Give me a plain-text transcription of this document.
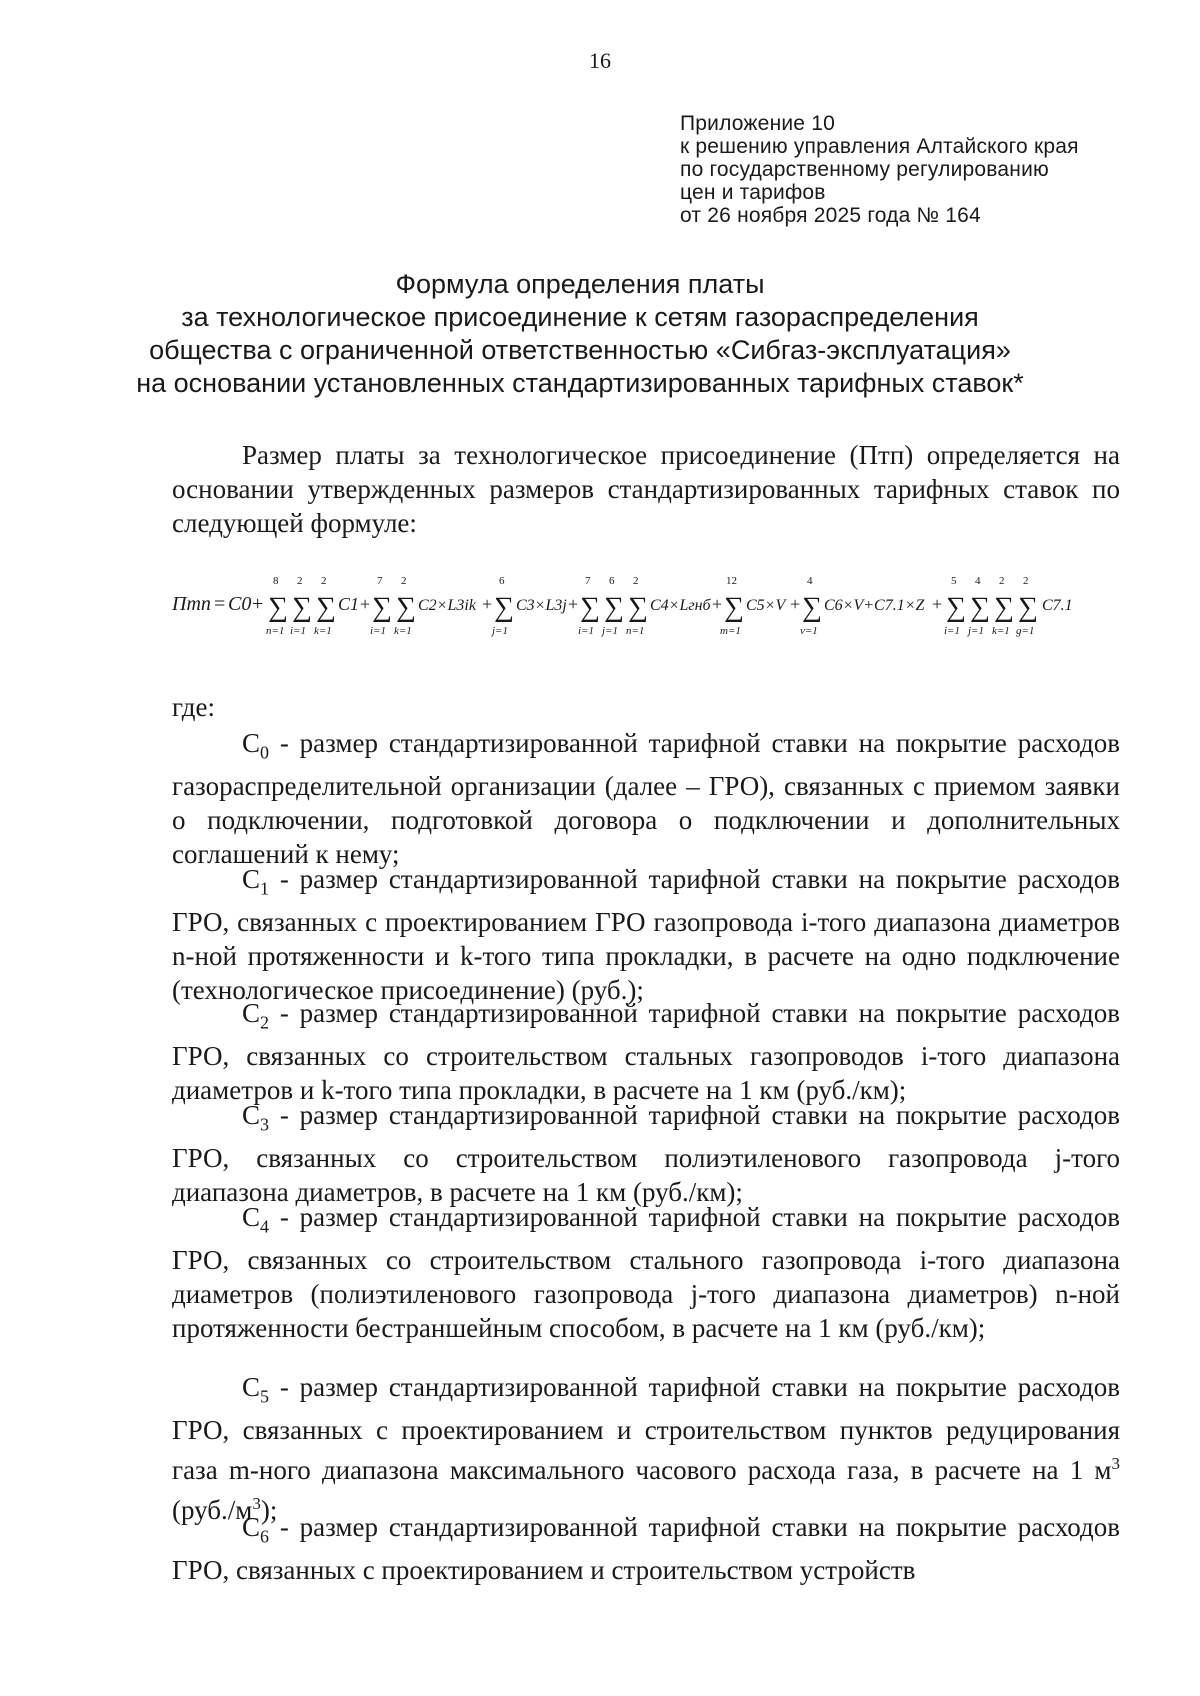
16
Приложение 10
к решению управления Алтайского края
по государственному регулированию
цен и тарифов
от 26 ноября 2025 года № 164
Формула определения платы
за технологическое присоединение к сетям газораспределения
общества с ограниченной ответственностью «Сибгаз-эксплуатация»
на основании установленных стандартизированных тарифных ставок*
Размер платы за технологическое присоединение (Птп) определяется на основании утвержденных размеров стандартизированных тарифных ставок по следующей формуле:
Птп = С0 + ∑
8
n=1
∑
2
i=1
∑
2
k=1
C1 + ∑
7
i=1
∑
2
k=1
C2×L3ik + ∑
6
j=1
C3×L3j + ∑
7
i=1
∑
6
j=1
∑
2
n=1
C4×Lгнб + ∑
12
m=1
C5×V + ∑
4
v=1
C6×V+C7.1×Z + ∑
5
i=1
∑
4
j=1
∑
2
k=1
∑
2
g=1
C7.1
где:
$С_0$ - размер стандартизированной тарифной ставки на покрытие расходов газораспределительной организации (далее – ГРО), связанных с приемом заявки о подключении, подготовкой договора о подключении и дополнительных соглашений к нему;
$С_1$ - размер стандартизированной тарифной ставки на покрытие расходов ГРО, связанных с проектированием ГРО газопровода i-того диапазона диаметров n-ной протяженности и k-того типа прокладки, в расчете на одно подключение (технологическое присоединение) (руб.);
$С_2$ - размер стандартизированной тарифной ставки на покрытие расходов ГРО, связанных со строительством стальных газопроводов i-того диапазона диаметров и k-того типа прокладки, в расчете на 1 км (руб./км);
$С_3$ - размер стандартизированной тарифной ставки на покрытие расходов ГРО, связанных со строительством полиэтиленового газопровода j-того диапазона диаметров, в расчете на 1 км (руб./км);
$С_4$ - размер стандартизированной тарифной ставки на покрытие расходов ГРО, связанных со строительством стального газопровода i-того диапазона диаметров (полиэтиленового газопровода j-того диапазона диаметров) n-ной протяженности бестраншейным способом, в расчете на 1 км (руб./км);
$С_5$ - размер стандартизированной тарифной ставки на покрытие расходов ГРО, связанных с проектированием и строительством пунктов редуцирования газа m-ного диапазона максимального часового расхода газа, в расчете на 1 $м^3$ $(руб./м^3)$;
$С_6$ - размер стандартизированной тарифной ставки на покрытие расходов ГРО, связанных с проектированием и строительством устройств
